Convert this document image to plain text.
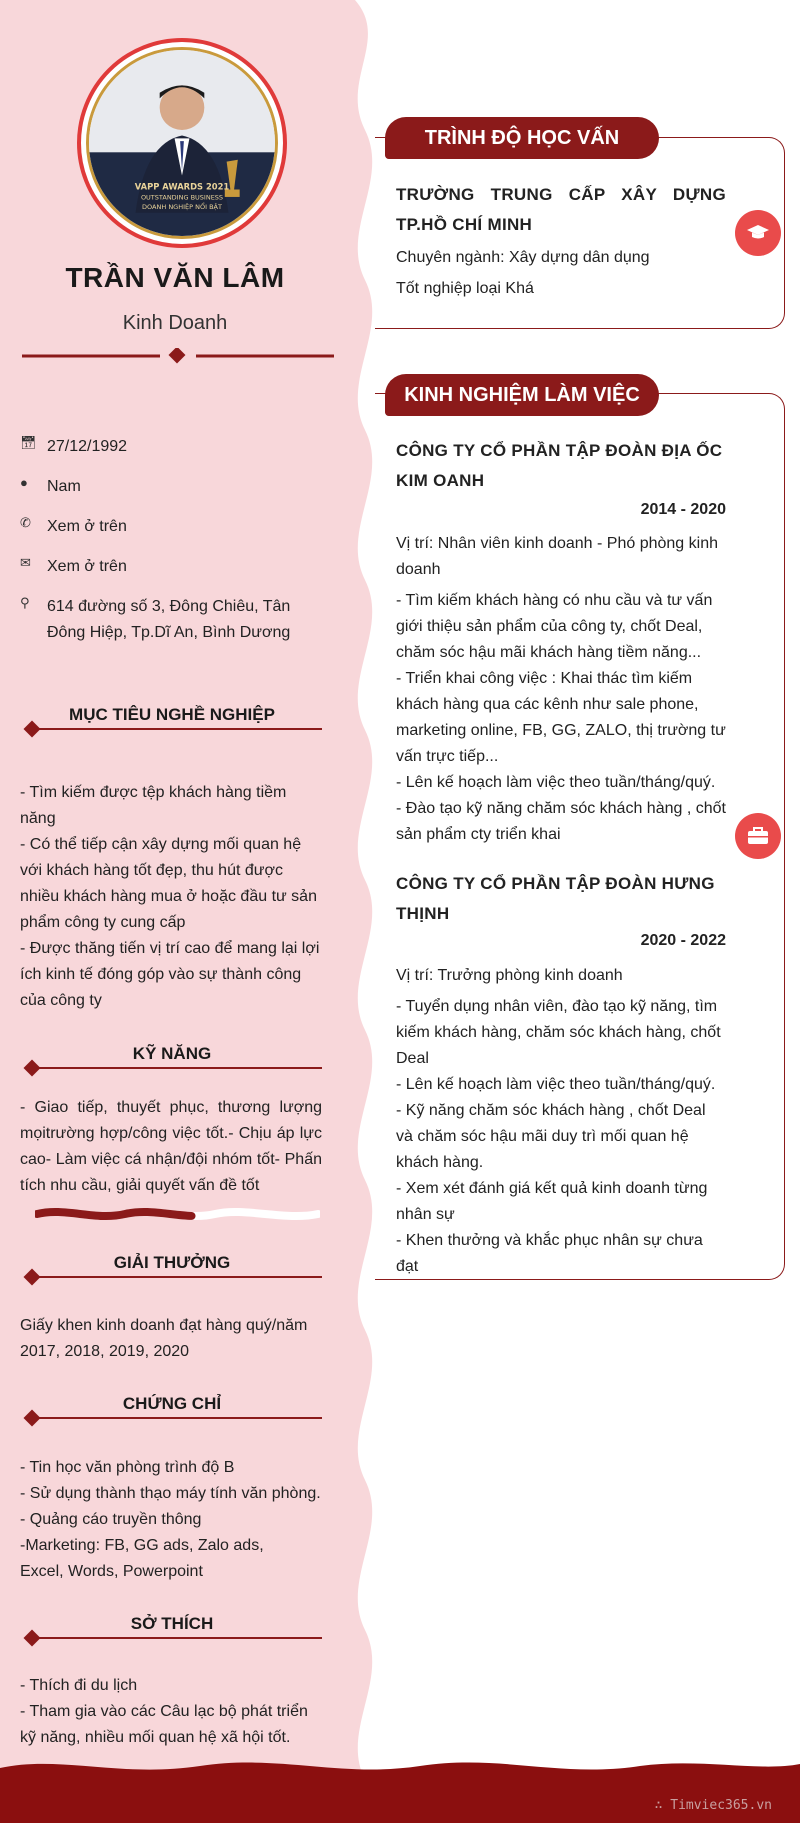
VAPP AWARDS 2021
OUTSTANDING BUSINESS
DOANH NGHIỆP NỔI BẬT
TRẦN VĂN LÂM
Kinh Doanh
📅︎ 27/12/1992
●	Nam
✆	Xem ở trên
✉	Xem ở trên
⚲	614 đường số 3, Đông Chiêu, Tân Đông Hiệp, Tp.Dĩ An, Bình Dương
MỤC TIÊU NGHỀ NGHIỆP
- Tìm kiếm được tệp khách hàng tiềm năng
- Có thể tiếp cận xây dựng mối quan hệ với khách hàng tốt đẹp, thu hút được nhiều khách hàng mua ở hoặc đầu tư sản phẩm công ty cung cấp
- Được thăng tiến vị trí cao để mang lại lợi ích kinh tế đóng góp vào sự thành công của công ty
KỸ NĂNG
- Giao tiếp, thuyết phục, thương lượng mọitrường hợp/công việc tốt.- Chịu áp lực cao- Làm việc cá nhận/đội nhóm tốt- Phấn tích nhu cầu, giải quyết vấn đề tốt
GIẢI THƯỞNG
Giấy khen kinh doanh đạt hàng quý/năm 2017, 2018, 2019, 2020
CHỨNG CHỈ
- Tin học văn phòng trình độ B
- Sử dụng thành thạo máy tính văn phòng.
- Quảng cáo truyền thông
-Marketing: FB, GG ads, Zalo ads,
Excel, Words, Powerpoint
SỞ THÍCH
- Thích đi du lịch
- Tham gia vào các Câu lạc bộ phát triển kỹ năng, nhiều mối quan hệ xã hội tốt.
TRÌNH ĐỘ HỌC VẤN
TRƯỜNG TRUNG CẤP XÂY DỰNG TP.HỒ CHÍ MINH
Chuyên ngành: Xây dựng dân dụng
Tốt nghiệp loại Khá
KINH NGHIỆM LÀM VIỆC
CÔNG TY CỔ PHẦN TẬP ĐOÀN ĐỊA ỐC KIM OANH
2014 - 2020
Vị trí: Nhân viên kinh doanh - Phó phòng kinh doanh
- Tìm kiếm khách hàng có nhu cầu và tư vấn giới thiệu sản phẩm của công ty, chốt Deal, chăm sóc hậu mãi khách hàng tiềm năng...
- Triển khai công việc : Khai thác tìm kiếm khách hàng qua các kênh như sale phone, marketing online, FB, GG, ZALO, thị trường tư vấn trực tiếp...
- Lên kế hoạch làm việc theo tuần/tháng/quý.
- Đào tạo kỹ năng chăm sóc khách hàng , chốt sản phẩm cty triển khai
CÔNG TY CỔ PHẦN TẬP ĐOÀN HƯNG THỊNH
2020 - 2022
Vị trí: Trưởng phòng kinh doanh
- Tuyển dụng nhân viên, đào tạo kỹ năng, tìm kiếm khách hàng, chăm sóc khách hàng, chốt Deal
- Lên kế hoạch làm việc theo tuần/tháng/quý.
- Kỹ năng chăm sóc khách hàng , chốt Deal và chăm sóc hậu mãi duy trì mối quan hệ khách hàng.
- Xem xét đánh giá kết quả kinh doanh từng nhân sự
- Khen thưởng và khắc phục nhân sự chưa đạt
∴ Timviec365.vn
